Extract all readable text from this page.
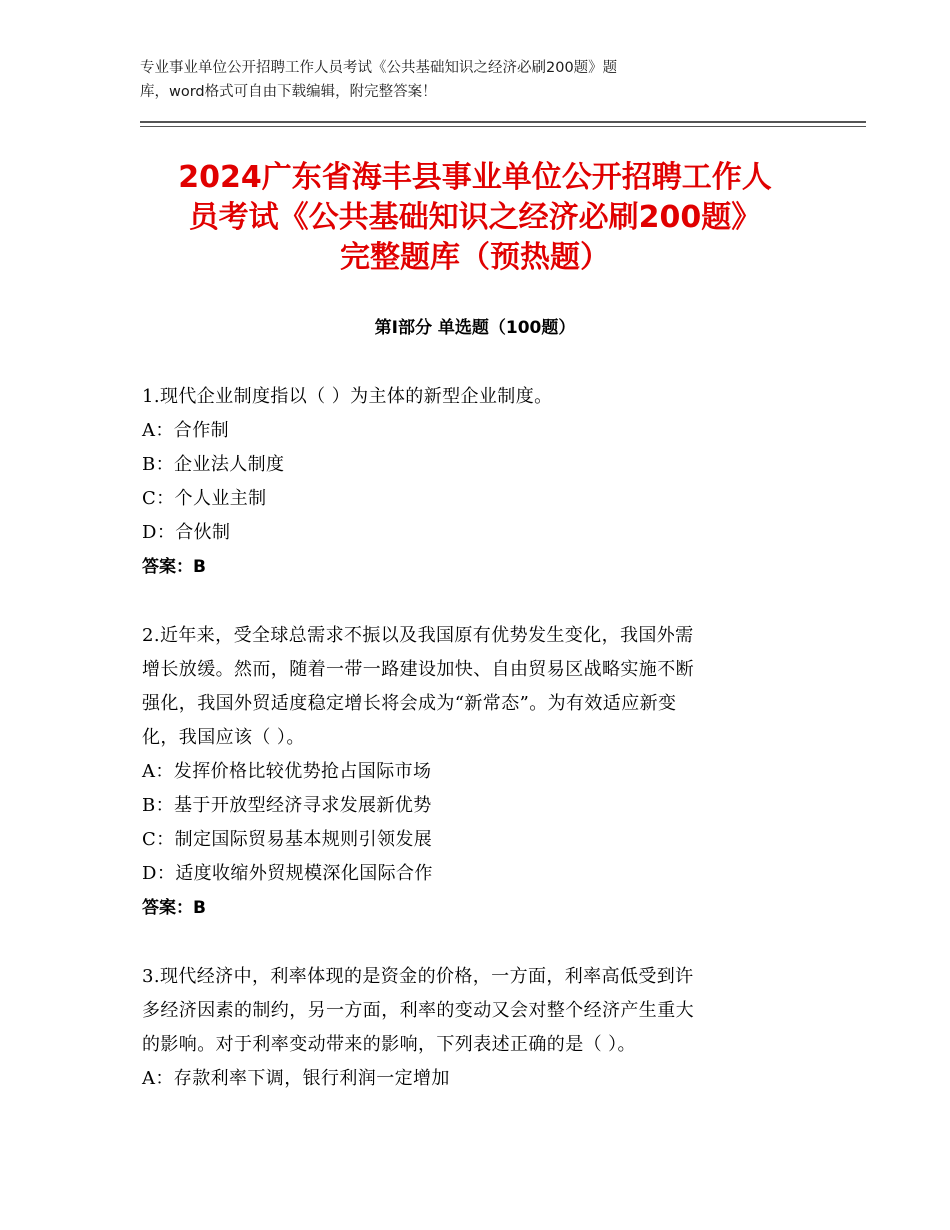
专业事业单位公开招聘工作人员考试《公共基础知识之经济必刷200题》题
库，word格式可自由下载编辑，附完整答案！
2024广东省海丰县事业单位公开招聘工作人
员考试《公共基础知识之经济必刷200题》
完整题库（预热题）
第Ⅰ部分 单选题（100题）
1.现代企业制度指以（ ）为主体的新型企业制度。
A：合作制
B：企业法人制度
C：个人业主制
D：合伙制
答案：B
2.近年来，受全球总需求不振以及我国原有优势发生变化，我国外需
增长放缓。然而，随着一带一路建设加快、自由贸易区战略实施不断
强化，我国外贸适度稳定增长将会成为“新常态”。为有效适应新变
化，我国应该（ ）。
A：发挥价格比较优势抢占国际市场
B：基于开放型经济寻求发展新优势
C：制定国际贸易基本规则引领发展
D：适度收缩外贸规模深化国际合作
答案：B
3.现代经济中，利率体现的是资金的价格，一方面，利率高低受到许
多经济因素的制约，另一方面，利率的变动又会对整个经济产生重大
的影响。对于利率变动带来的影响，下列表述正确的是（ ）。
A：存款利率下调，银行利润一定增加
